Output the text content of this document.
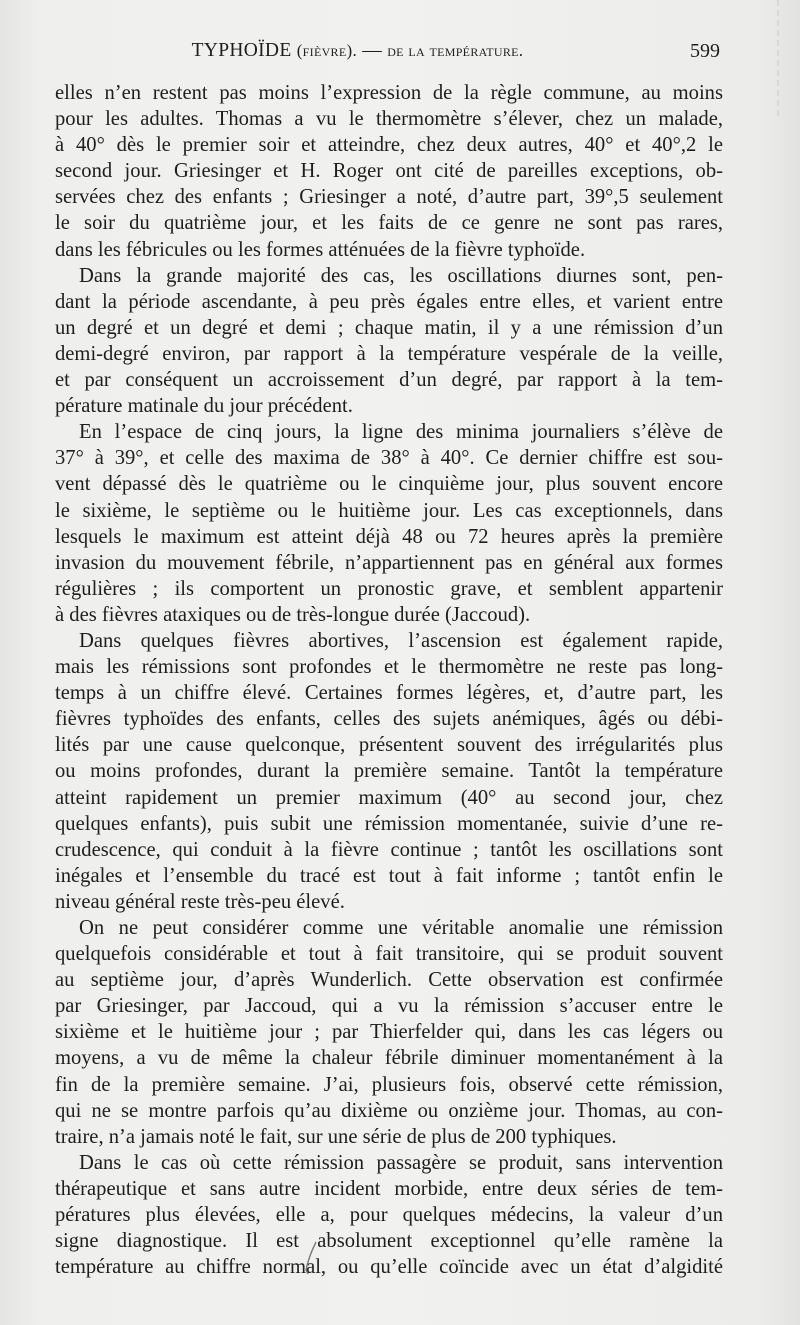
TYPHOÏDE (fièvre). — de la température.	599
elles n’en restent pas moins l’expression de la règle commune, au moins
pour les adultes. Thomas a vu le thermomètre s’élever, chez un malade,
à 40° dès le premier soir et atteindre, chez deux autres, 40° et 40°,2 le
second jour. Griesinger et H. Roger ont cité de pareilles exceptions, ob-
servées chez des enfants ; Griesinger a noté, d’autre part, 39°,5 seulement
le soir du quatrième jour, et les faits de ce genre ne sont pas rares,
dans les fébricules ou les formes atténuées de la fièvre typhoïde.
Dans la grande majorité des cas, les oscillations diurnes sont, pen-
dant la période ascendante, à peu près égales entre elles, et varient entre
un degré et un degré et demi ; chaque matin, il y a une rémission d’un
demi-degré environ, par rapport à la température vespérale de la veille,
et par conséquent un accroissement d’un degré, par rapport à la tem-
pérature matinale du jour précédent.
En l’espace de cinq jours, la ligne des minima journaliers s’élève de
37° à 39°, et celle des maxima de 38° à 40°. Ce dernier chiffre est sou-
vent dépassé dès le quatrième ou le cinquième jour, plus souvent encore
le sixième, le septième ou le huitième jour. Les cas exceptionnels, dans
lesquels le maximum est atteint déjà 48 ou 72 heures après la première
invasion du mouvement fébrile, n’appartiennent pas en général aux formes
régulières ; ils comportent un pronostic grave, et semblent appartenir
à des fièvres ataxiques ou de très-longue durée (Jaccoud).
Dans quelques fièvres abortives, l’ascension est également rapide,
mais les rémissions sont profondes et le thermomètre ne reste pas long-
temps à un chiffre élevé. Certaines formes légères, et, d’autre part, les
fièvres typhoïdes des enfants, celles des sujets anémiques, âgés ou débi-
lités par une cause quelconque, présentent souvent des irrégularités plus
ou moins profondes, durant la première semaine. Tantôt la température
atteint rapidement un premier maximum (40° au second jour, chez
quelques enfants), puis subit une rémission momentanée, suivie d’une re-
crudescence, qui conduit à la fièvre continue ; tantôt les oscillations sont
inégales et l’ensemble du tracé est tout à fait informe ; tantôt enfin le
niveau général reste très-peu élevé.
On ne peut considérer comme une véritable anomalie une rémission
quelquefois considérable et tout à fait transitoire, qui se produit souvent
au septième jour, d’après Wunderlich. Cette observation est confirmée
par Griesinger, par Jaccoud, qui a vu la rémission s’accuser entre le
sixième et le huitième jour ; par Thierfelder qui, dans les cas légers ou
moyens, a vu de même la chaleur fébrile diminuer momentanément à la
fin de la première semaine. J’ai, plusieurs fois, observé cette rémission,
qui ne se montre parfois qu’au dixième ou onzième jour. Thomas, au con-
traire, n’a jamais noté le fait, sur une série de plus de 200 typhiques.
Dans le cas où cette rémission passagère se produit, sans intervention
thérapeutique et sans autre incident morbide, entre deux séries de tem-
pératures plus élevées, elle a, pour quelques médecins, la valeur d’un
signe diagnostique. Il est absolument exceptionnel qu’elle ramène la
température au chiffre normal, ou qu’elle coïncide avec un état d’algidité
